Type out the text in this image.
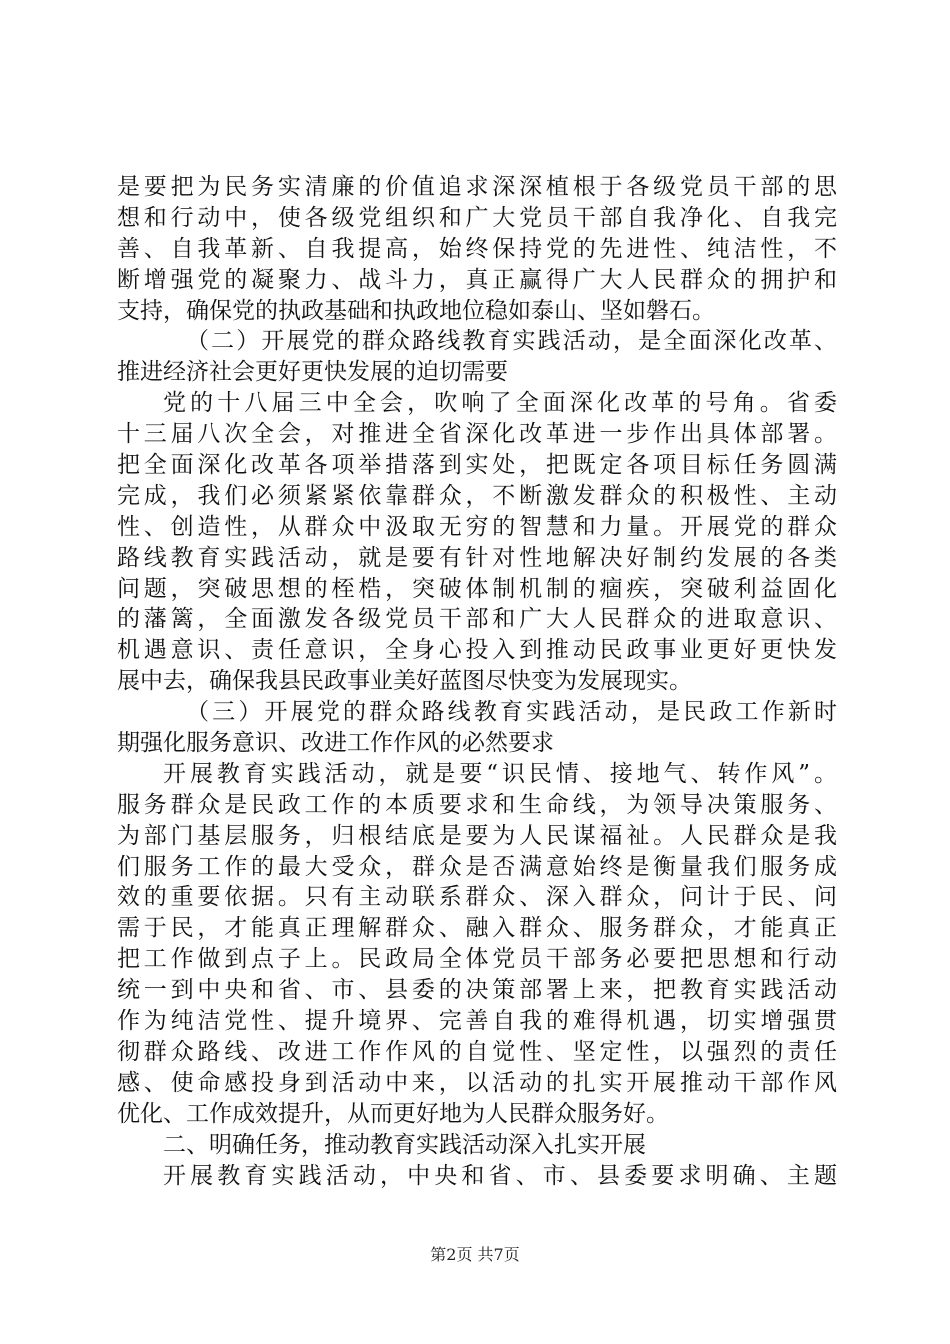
是要把为民务实清廉的价值追求深深植根于各级党员干部的思
想和行动中，使各级党组织和广大党员干部自我净化、自我完
善、自我革新、自我提高，始终保持党的先进性、纯洁性，不
断增强党的凝聚力、战斗力，真正赢得广大人民群众的拥护和
支持，确保党的执政基础和执政地位稳如泰山、坚如磐石。
（二）开展党的群众路线教育实践活动，是全面深化改革、
推进经济社会更好更快发展的迫切需要
党的十八届三中全会，吹响了全面深化改革的号角。省委
十三届八次全会，对推进全省深化改革进一步作出具体部署。
把全面深化改革各项举措落到实处，把既定各项目标任务圆满
完成，我们必须紧紧依靠群众，不断激发群众的积极性、主动
性、创造性，从群众中汲取无穷的智慧和力量。开展党的群众
路线教育实践活动，就是要有针对性地解决好制约发展的各类
问题，突破思想的桎梏，突破体制机制的痼疾，突破利益固化
的藩篱，全面激发各级党员干部和广大人民群众的进取意识、
机遇意识、责任意识，全身心投入到推动民政事业更好更快发
展中去，确保我县民政事业美好蓝图尽快变为发展现实。
（三）开展党的群众路线教育实践活动，是民政工作新时
期强化服务意识、改进工作作风的必然要求
开展教育实践活动，就是要“识民情、接地气、转作风”。
服务群众是民政工作的本质要求和生命线，为领导决策服务、
为部门基层服务，归根结底是要为人民谋福祉。人民群众是我
们服务工作的最大受众，群众是否满意始终是衡量我们服务成
效的重要依据。只有主动联系群众、深入群众，问计于民、问
需于民，才能真正理解群众、融入群众、服务群众，才能真正
把工作做到点子上。民政局全体党员干部务必要把思想和行动
统一到中央和省、市、县委的决策部署上来，把教育实践活动
作为纯洁党性、提升境界、完善自我的难得机遇，切实增强贯
彻群众路线、改进工作作风的自觉性、坚定性，以强烈的责任
感、使命感投身到活动中来，以活动的扎实开展推动干部作风
优化、工作成效提升，从而更好地为人民群众服务好。
二、明确任务，推动教育实践活动深入扎实开展
开展教育实践活动，中央和省、市、县委要求明确、主题
第2页 共7页
